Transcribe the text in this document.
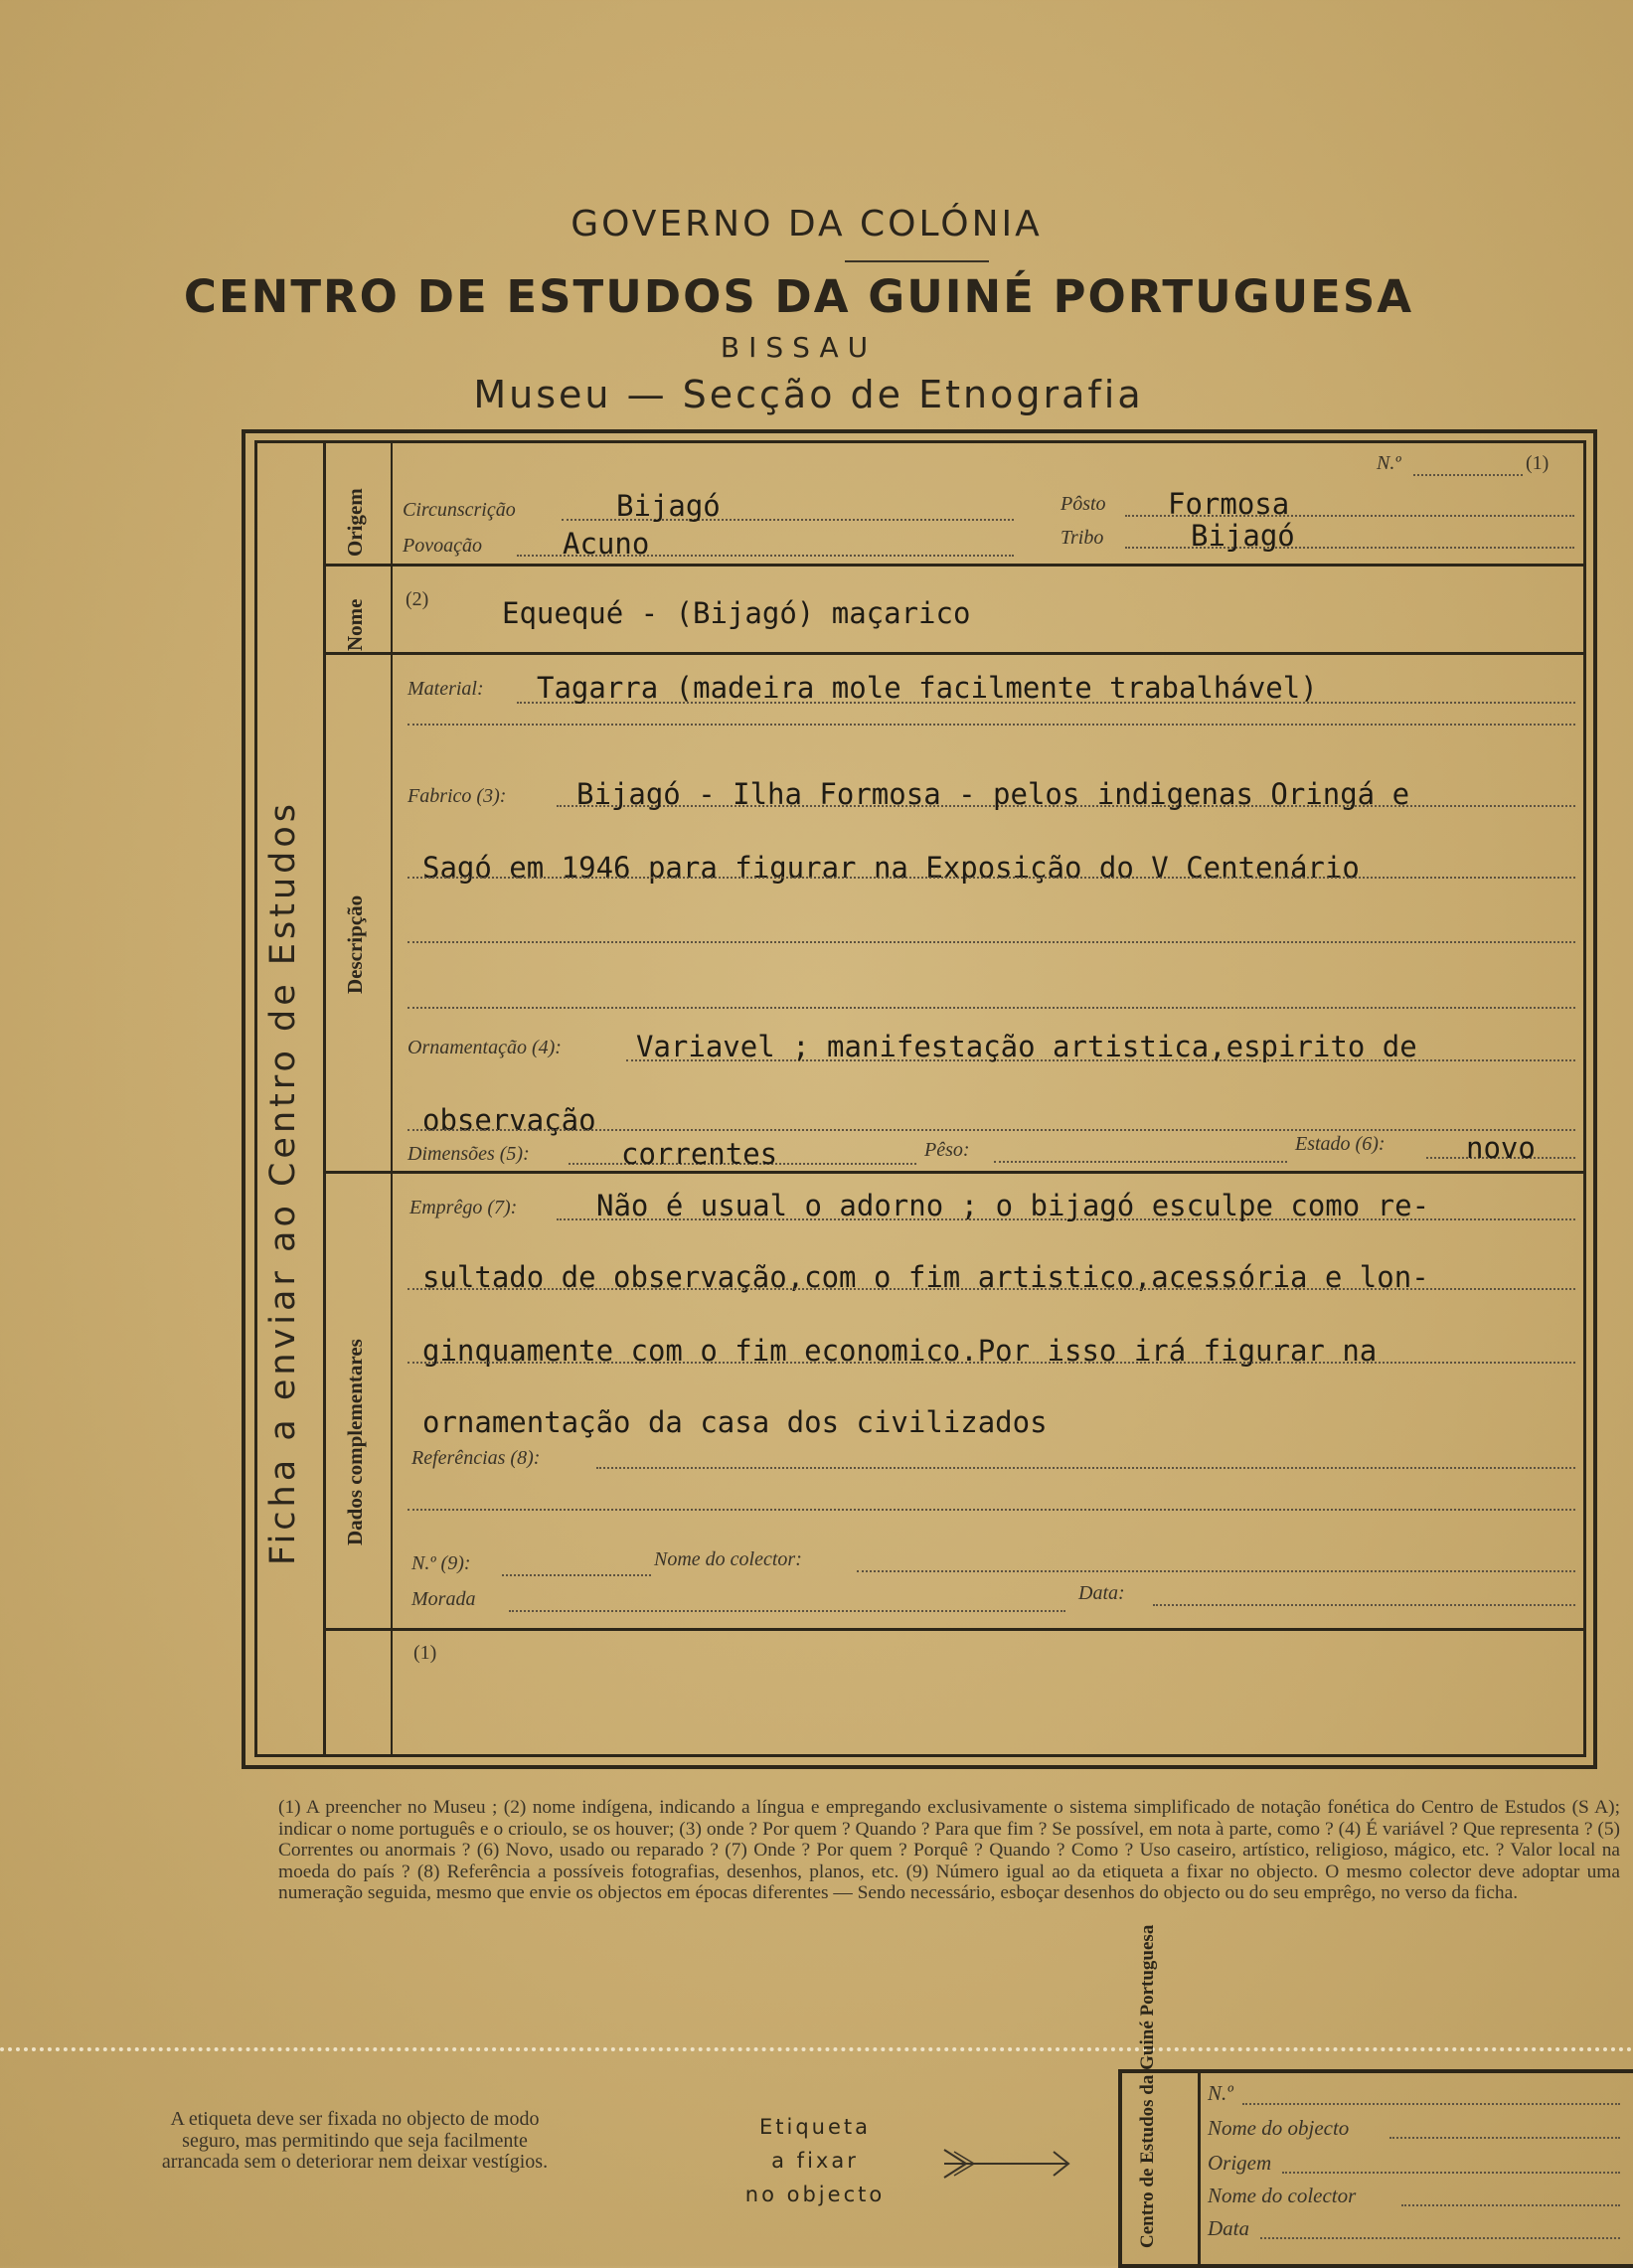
GOVERNO DA COLÓNIA
CENTRO DE ESTUDOS DA GUINÉ PORTUGUESA
BISSAU
Museu — Secção de Etnografia
Ficha a enviar ao Centro de Estudos
Origem
Nome
Descripção
Dados complementares
N.º	(1)
Circunscrição	Bijagó	Pôsto Formosa
Povoação	Acuno	Tribo	Bijagó
(2)	Equequé - (Bijagó) maçarico
Material: Tagarra (madeira mole facilmente trabalhável)
Fabrico (3): Bijagó - Ilha Formosa - pelos indigenas Oringá e
Sagó em 1946 para figurar na Exposição do V Centenário
Ornamentação (4):	Variavel ; manifestação artistica,espirito de
observação
Dimensões (5):	correntes	Pêso:	Estado (6):	novo
Emprêgo (7):	Não é usual o adorno ; o bijagó esculpe como re-
sultado de observação,com o fim artistico,acessória e lon-
ginquamente com o fim economico.Por isso irá figurar na
ornamentação da casa dos civilizados
Referências (8):
N.º (9):	Nome do colector:
Morada	Data:
(1)
(1) A preencher no Museu ; (2) nome indígena, indicando a língua e empregando exclusivamente o sistema simplificado de notação fonética do Centro de Estudos (S A); indicar o nome português e o crioulo, se os houver; (3) onde ? Por quem ? Quando ? Para que fim ? Se possível, em nota à parte, como ? (4) É variável ? Que representa ? (5) Correntes ou anormais ? (6) Novo, usado ou reparado ? (7) Onde ? Por quem ? Porquê ? Quando ? Como ? Uso caseiro, artístico, religioso, mágico, etc. ? Valor local na moeda do país ? (8) Referência a possíveis fotografias, desenhos, planos, etc. (9) Número igual ao da etiqueta a fixar no objecto. O mesmo colector deve adoptar uma numeração seguida, mesmo que envie os objectos em épocas diferentes — Sendo necessário, esboçar desenhos do objecto ou do seu emprêgo, no verso da ficha.
A etiqueta deve ser fixada no objecto de modo seguro, mas permitindo que seja facilmente arrancada sem o deteriorar nem deixar vestígios.
Etiqueta
a fixar
no objecto	Centro de Estudos da Guiné Portuguesa N.º
Nome do objecto
Origem
Nome do colector
Data
